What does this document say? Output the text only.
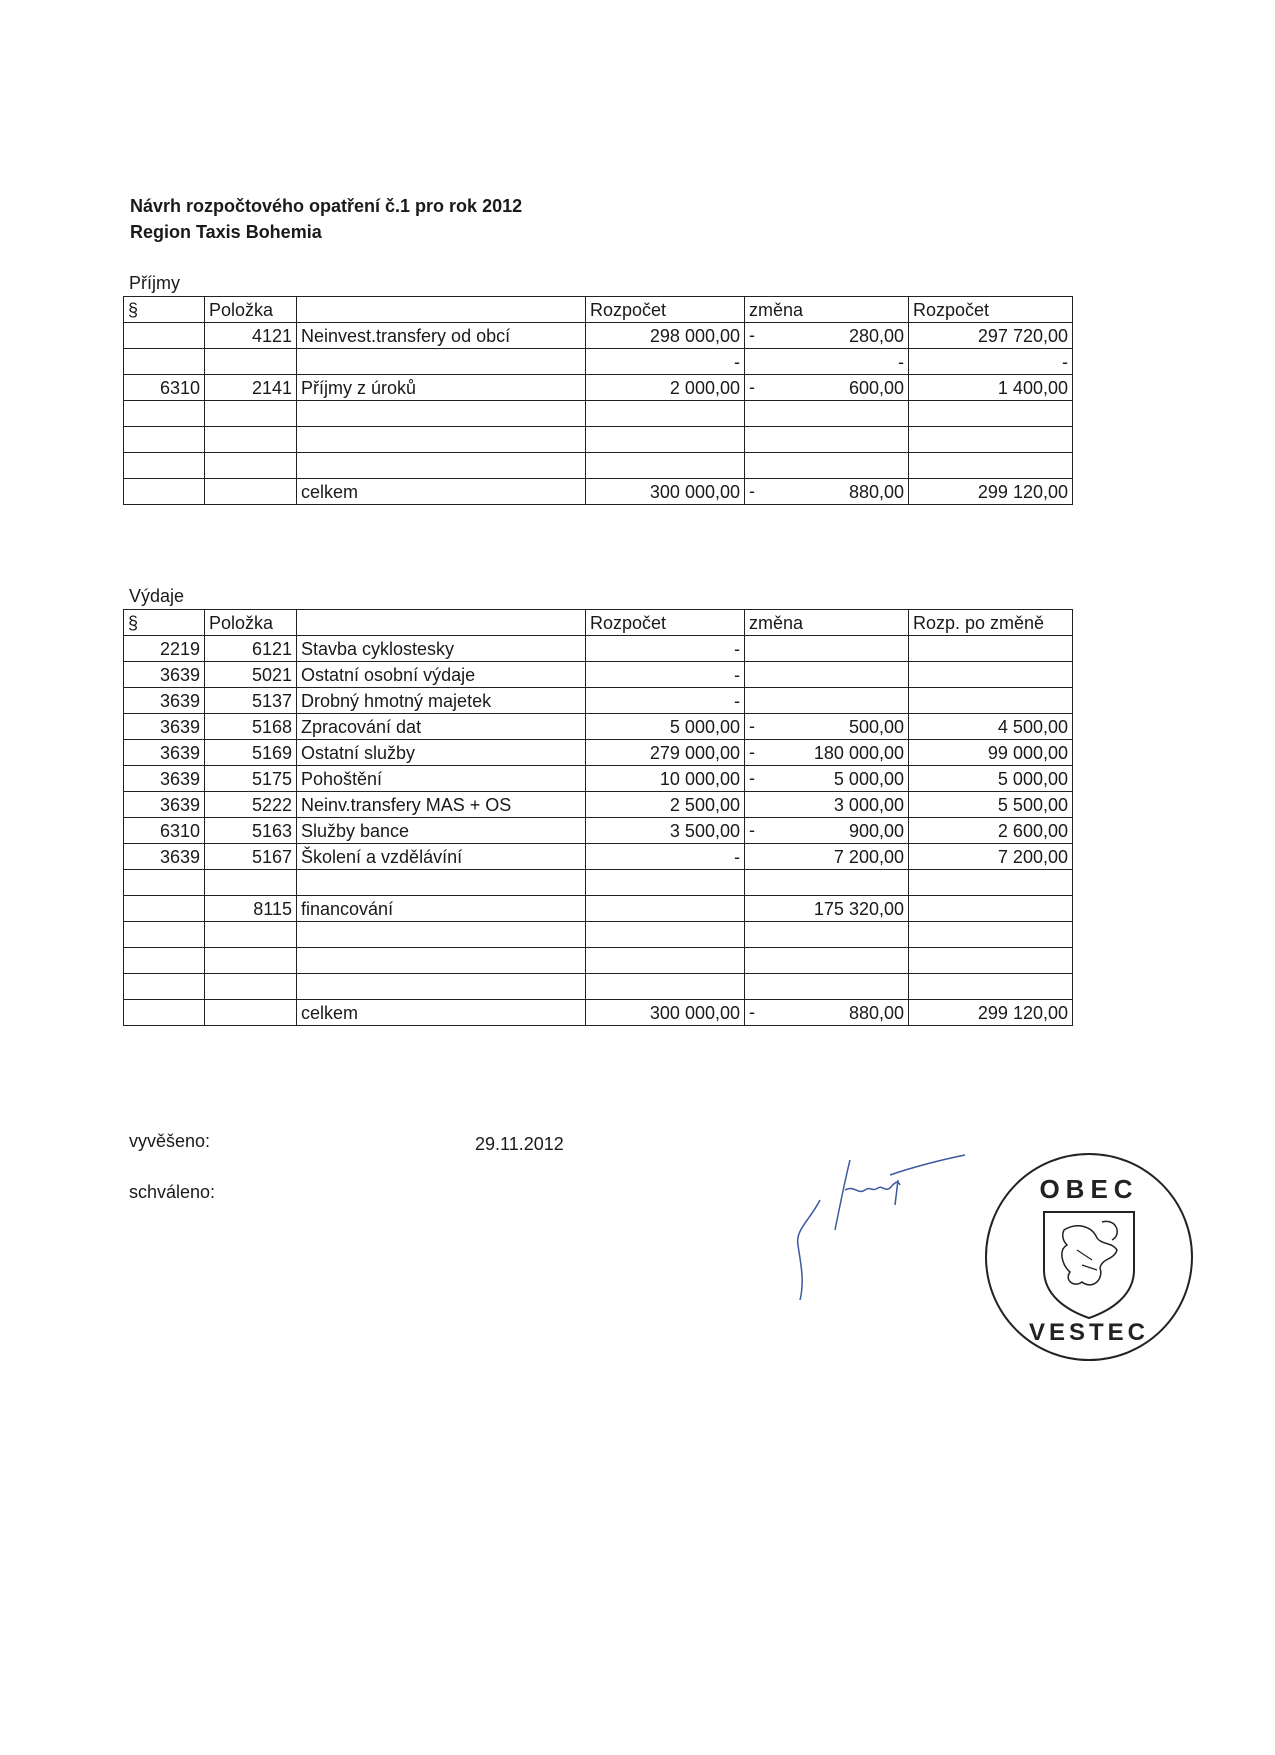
Návrh rozpočtového opatření č.1 pro rok 2012
Region Taxis Bohemia
Příjmy
§	Položka		Rozpočet	změna	Rozpočet
	4121	Neinvest.transfery od obcí	298 000,00	- 280,00	297 720,00
			-	-	-
6310	2141	Příjmy z úroků	2 000,00	- 600,00	1 400,00

		celkem	300 000,00	- 880,00	299 120,00
Výdaje
§	Položka		Rozpočet	změna	Rozp. po změně
2219	6121	Stavba cyklostesky	-	

3639	5021	Ostatní osobní výdaje	-	

3639	5137	Drobný hmotný majetek	-	

3639	5168	Zpracování dat	5 000,00	- 500,00	4 500,00
3639	5169	Ostatní služby	279 000,00	- 180 000,00	99 000,00
3639	5175	Pohoštění	10 000,00	- 5 000,00	5 000,00
3639	5222	Neinv.transfery MAS + OS	2 500,00	3 000,00	5 500,00
6310	5163	Služby bance	3 500,00	- 900,00	2 600,00
3639	5167	Školení a vzdělávíní	-	7 200,00	7 200,00

	8115	financování		175 320,00	

		celkem	300 000,00	- 880,00	299 120,00
vyvěšeno:	29.11.2012
schváleno:	OBEC
VESTEC
